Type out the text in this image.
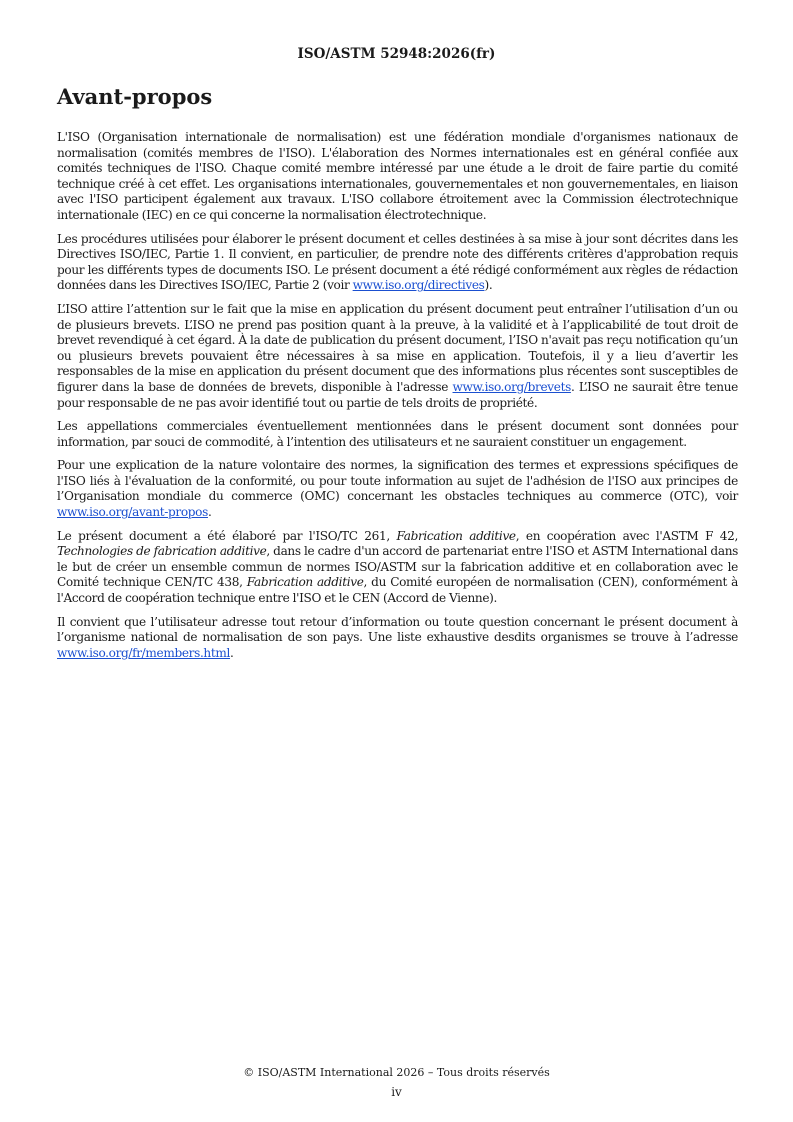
ISO/ASTM 52948:2026(fr)
Avant-propos

L'ISO (Organisation internationale de normalisation) est une fédération mondiale d'organismes nationaux de normalisation (comités membres de l'ISO). L'élaboration des Normes internationales est en général confiée aux comités techniques de l'ISO. Chaque comité membre intéressé par une étude a le droit de faire partie du comité technique créé à cet effet. Les organisations internationales, gouvernementales et non gouvernementales, en liaison avec l'ISO participent également aux travaux. L'ISO collabore étroitement avec la Commission électrotechnique internationale (IEC) en ce qui concerne la normalisation électrotechnique.

Les procédures utilisées pour élaborer le présent document et celles destinées à sa mise à jour sont décrites dans les Directives ISO/IEC, Partie 1. Il convient, en particulier, de prendre note des différents critères d'approbation requis pour les différents types de documents ISO. Le présent document a été rédigé conformément aux règles de rédaction données dans les Directives ISO/IEC, Partie 2 (voir www.iso.org/directives).

L’ISO attire l’attention sur le fait que la mise en application du présent document peut entraîner l’utilisation d’un ou de plusieurs brevets. L’ISO ne prend pas position quant à la preuve, à la validité et à l’applicabilité de tout droit de brevet revendiqué à cet égard. À la date de publication du présent document, l’ISO n'avait pas reçu notification qu’un ou plusieurs brevets pouvaient être nécessaires à sa mise en application. Toutefois, il y a lieu d’avertir les responsables de la mise en application du présent document que des informations plus récentes sont susceptibles de figurer dans la base de données de brevets, disponible à l'adresse www.iso.org/brevets. L’ISO ne saurait être tenue pour responsable de ne pas avoir identifié tout ou partie de tels droits de propriété.

Les appellations commerciales éventuellement mentionnées dans le présent document sont données pour information, par souci de commodité, à l’intention des utilisateurs et ne sauraient constituer un engagement.

Pour une explication de la nature volontaire des normes, la signification des termes et expressions spécifiques de l'ISO liés à l'évaluation de la conformité, ou pour toute information au sujet de l'adhésion de l'ISO aux principes de l’Organisation mondiale du commerce (OMC) concernant les obstacles techniques au commerce (OTC), voir www.iso.org/avant-propos.

Le présent document a été élaboré par l'ISO/TC 261, Fabrication additive, en coopération avec l'ASTM F 42, Technologies de fabrication additive, dans le cadre d'un accord de partenariat entre l'ISO et ASTM International dans le but de créer un ensemble commun de normes ISO/ASTM sur la fabrication additive et en collaboration avec le Comité technique CEN/TC 438, Fabrication additive, du Comité européen de normalisation (CEN), conformément à l'Accord de coopération technique entre l'ISO et le CEN (Accord de Vienne).

Il convient que l’utilisateur adresse tout retour d’information ou toute question concernant le présent document à l’organisme national de normalisation de son pays. Une liste exhaustive desdits organismes se trouve à l’adresse www.iso.org/fr/members.html.

© ISO/ASTM International 2026 – Tous droits réservés
iv
